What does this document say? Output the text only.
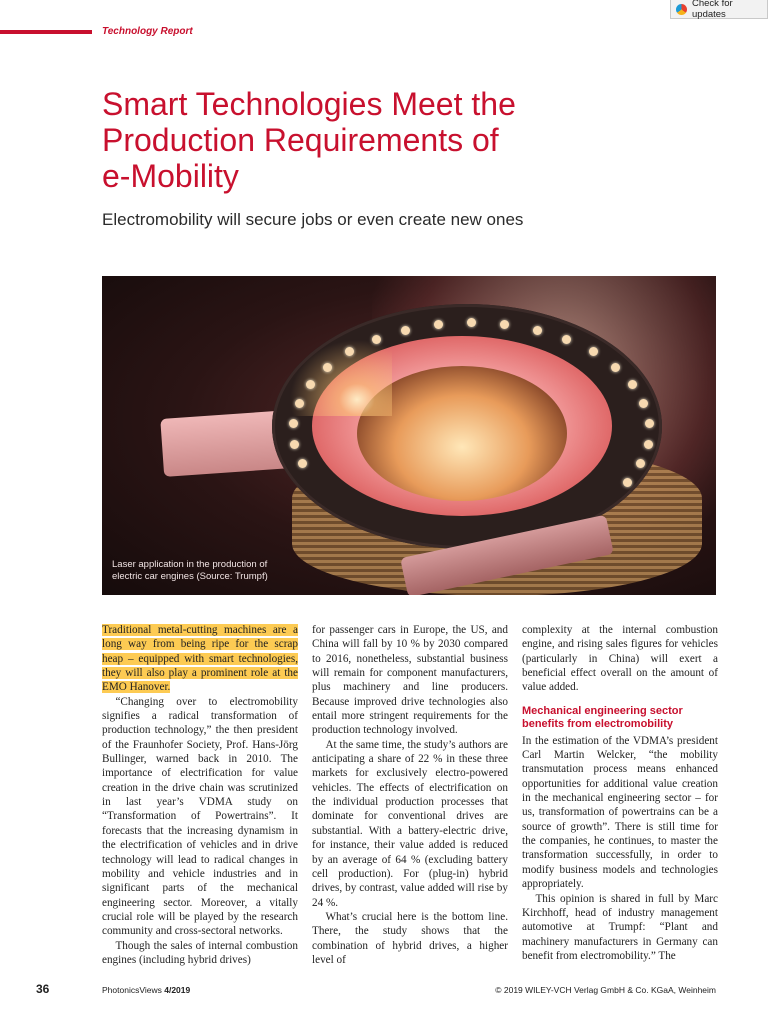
Check for updates
Technology Report
Smart Technologies Meet the
Production Requirements of
e-Mobility

Electromobility will secure jobs or even create new ones

Laser application in the production of
electric car engines (Source: Trumpf)

Traditional metal-cutting machines are a long way from being ripe for the scrap heap – equipped with smart technologies, they will also play a prominent role at the EMO Hanover.

“Changing over to electromobility signifies a radical transformation of production technology,” the then president of the Fraunhofer Society, Prof. Hans-Jörg Bullinger, warned back in 2010. The importance of electrification for value creation in the drive chain was scrutinized in last year’s VDMA study on “Transformation of Powertrains”. It forecasts that the increasing dynamism in the electrification of vehicles and in drive technology will lead to radical changes in mobility and vehicle industries and in significant parts of the mechanical engineering sector. Moreover, a vitally crucial role will be played by the research community and cross-sectoral networks.

Though the sales of internal combustion engines (including hybrid drives)

for passenger cars in Europe, the US, and China will fall by 10 % by 2030 compared to 2016, nonetheless, substantial business will remain for component manufacturers, plus machinery and line producers. Because improved drive technologies also entail more stringent requirements for the production technology involved.

At the same time, the study’s authors are anticipating a share of 22 % in these three markets for exclusively electro-powered vehicles. The effects of electrification on the individual production processes that dominate for conventional drives are substantial. With a battery-electric drive, for instance, their value added is reduced by an average of 64 % (excluding battery cell production). For (plug-in) hybrid drives, by contrast, value added will rise by 24 %.

What’s crucial here is the bottom line. There, the study shows that the combination of hybrid drives, a higher level of

complexity at the internal combustion engine, and rising sales figures for vehicles (particularly in China) will exert a beneficial effect overall on the amount of value added.

Mechanical engineering sector benefits from electromobility

In the estimation of the VDMA’s president Carl Martin Welcker, “the mobility transmutation process means enhanced opportunities for additional value creation in the mechanical engineering sector – for us, transformation of powertrains can be a source of growth”. There is still time for the companies, he continues, to master the transformation successfully, in order to modify business models and technologies appropriately.

This opinion is shared in full by Marc Kirchhoff, head of industry management automotive at Trumpf: “Plant and machinery manufacturers in Germany can benefit from electromobility.” The

36	PhotonicsViews 4/2019	© 2019 WILEY-VCH Verlag GmbH & Co. KGaA, Weinheim
